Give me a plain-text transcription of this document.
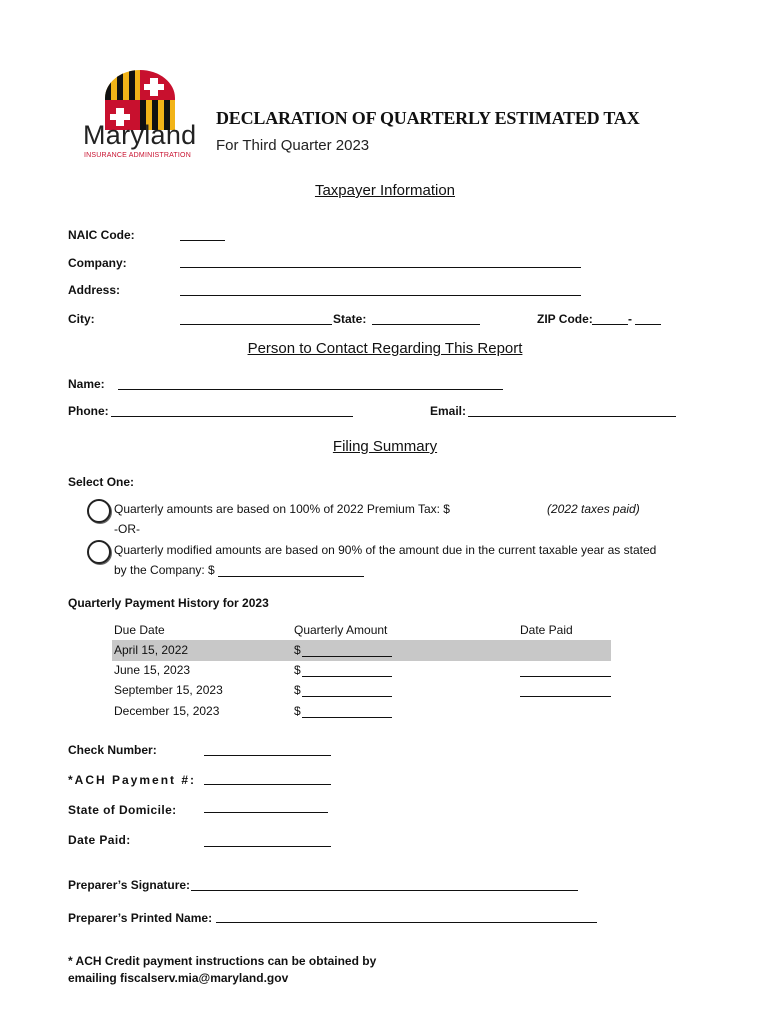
Maryland
INSURANCE ADMINISTRATION
DECLARATION OF QUARTERLY ESTIMATED TAX
For Third Quarter 2023
Taxpayer Information
NAIC Code:
Company:
Address:
City:	State:	ZIP Code:	-
Person to Contact Regarding This Report
Name:
Phone:	Email:
Filing Summary
Select One:
Quarterly amounts are based on 100% of 2022 Premium Tax: $	(2022 taxes paid)
-OR-
Quarterly modified amounts are based on 90% of the amount due in the current taxable year as stated
by the Company: $
Quarterly Payment History for 2023
Due Date	Quarterly Amount	Date Paid
April 15, 2022	$
June 15, 2023	$
September 15, 2023	$
December 15, 2023	$
Check Number:
*ACH Payment #:
State of Domicile:
Date Paid:
Preparer’s Signature:
Preparer’s Printed Name:
* ACH Credit payment instructions can be obtained by
emailing fiscalserv.mia@maryland.gov
